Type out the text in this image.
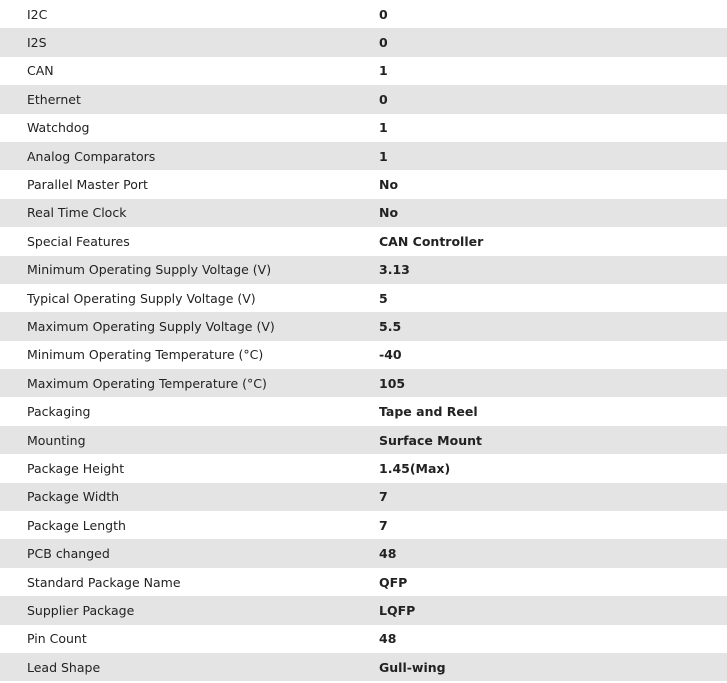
I2C	0
I2S	0
CAN	1
Ethernet	0
Watchdog	1
Analog Comparators	1
Parallel Master Port	No
Real Time Clock	No
Special Features	CAN Controller
Minimum Operating Supply Voltage (V)	3.13
Typical Operating Supply Voltage (V)	5
Maximum Operating Supply Voltage (V)	5.5
Minimum Operating Temperature (°C)	-40
Maximum Operating Temperature (°C)	105
Packaging	Tape and Reel
Mounting	Surface Mount
Package Height	1.45(Max)
Package Width	7
Package Length	7
PCB changed	48
Standard Package Name	QFP
Supplier Package	LQFP
Pin Count	48
Lead Shape	Gull-wing
